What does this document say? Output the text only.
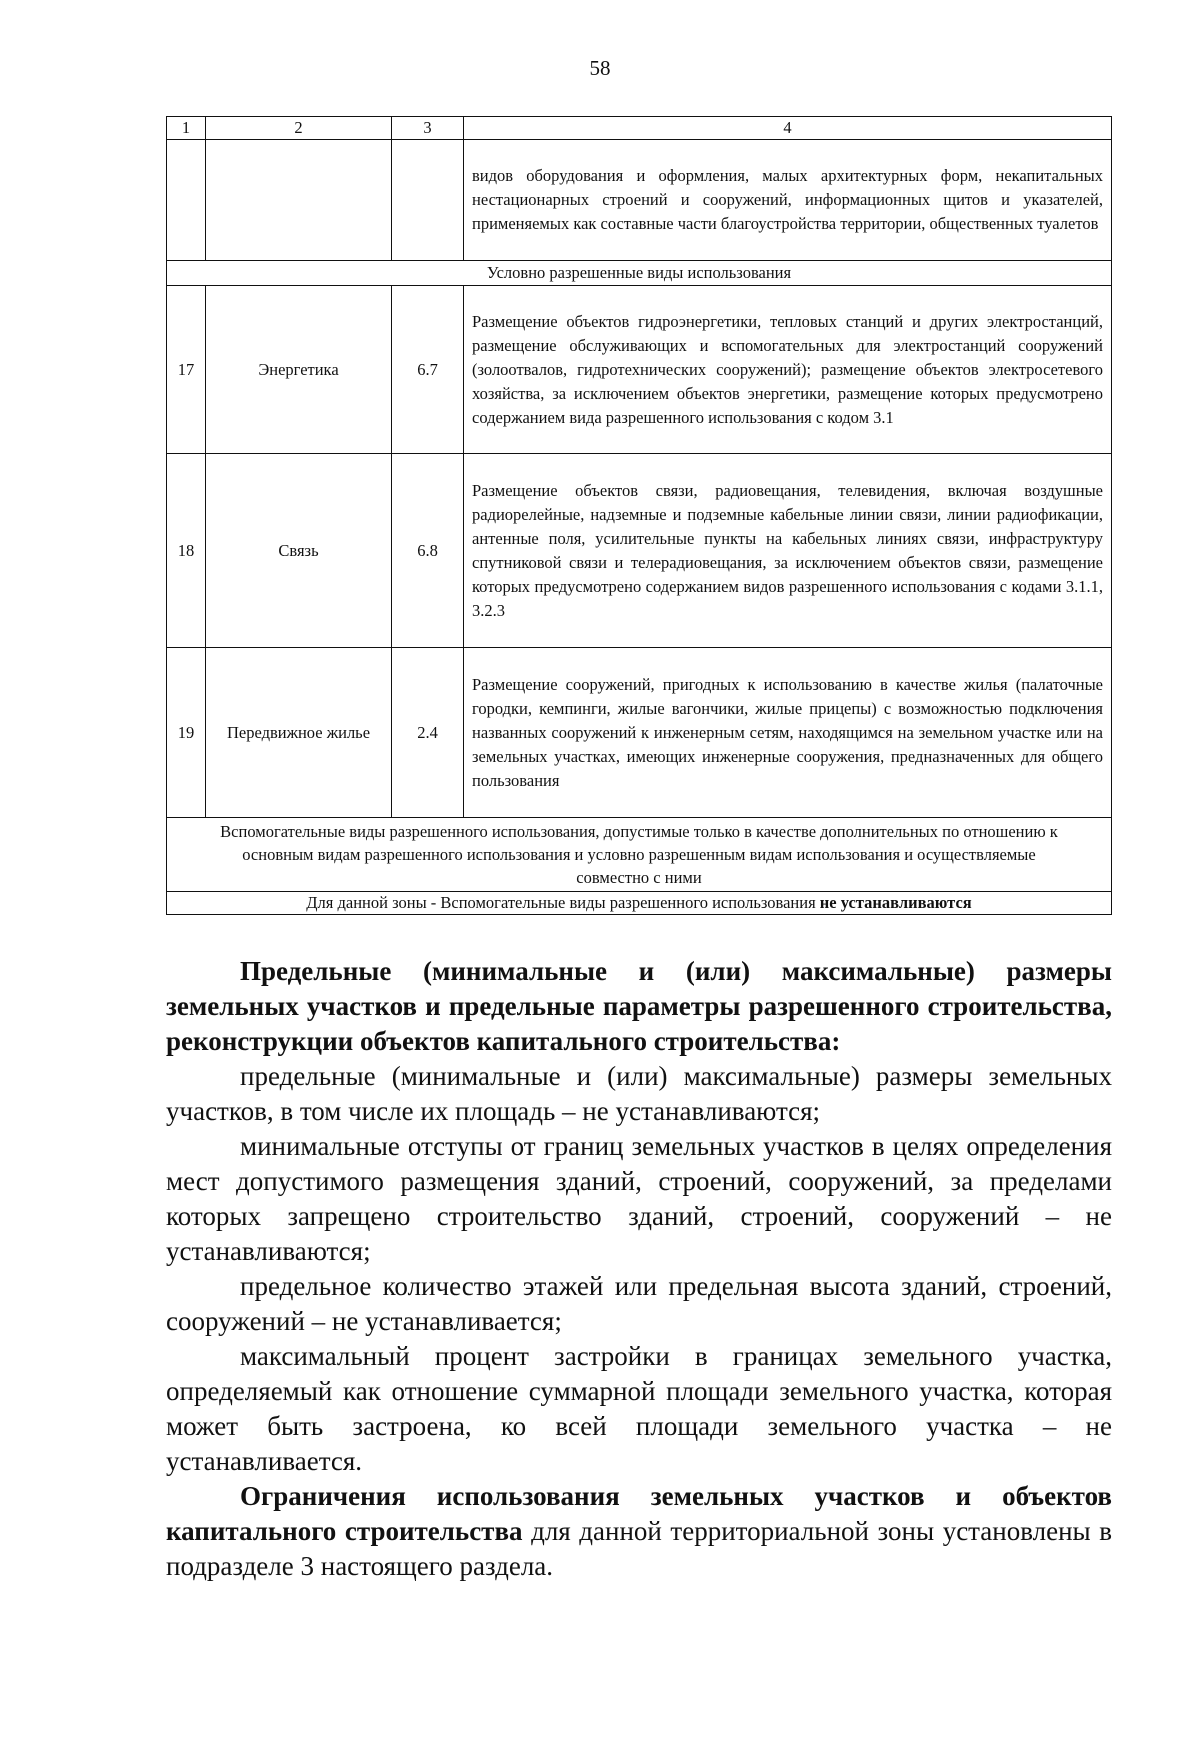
58
1	2	3	4
			видов оборудования и оформления, малых архитектурных форм, некапитальных нестационарных строений и сооружений, информационных щитов и указателей, применяемых как составные части благоустройства территории, общественных туалетов
Условно разрешенные виды использования			
17	Энергетика	6.7	Размещение объектов гидроэнергетики, тепловых станций и других электростанций, размещение обслуживающих и вспомогательных для электростанций сооружений (золоотвалов, гидротехнических сооружений); размещение объектов электросетевого хозяйства, за исключением объектов энергетики, размещение которых предусмотрено содержанием вида разрешенного использования с кодом 3.1
18	Связь	6.8	Размещение объектов связи, радиовещания, телевидения, включая воздушные радиорелейные, надземные и подземные кабельные линии связи, линии радиофикации, антенные поля, усилительные пункты на кабельных линиях связи, инфраструктуру спутниковой связи и телерадиовещания, за исключением объектов связи, размещение которых предусмотрено содержанием видов разрешенного использования с кодами 3.1.1, 3.2.3
19	Передвижное жилье	2.4	Размещение сооружений, пригодных к использованию в качестве жилья (палаточные городки, кемпинги, жилые вагончики, жилые прицепы) с возможностью подключения названных сооружений к инженерным сетям, находящимся на земельном участке или на земельных участках, имеющих инженерные сооружения, предназначенных для общего пользования
Вспомогательные виды разрешенного использования, допустимые только в качестве дополнительных по отношению к основным видам разрешенного использования и условно разрешенным видам использования и осуществляемые совместно с ними			
Для данной зоны - Вспомогательные виды разрешенного использования не устанавливаются			

Предельные (минимальные и (или) максимальные) размеры земельных участков и предельные параметры разрешенного строительства, реконструкции объектов капитального строительства:

предельные (минимальные и (или) максимальные) размеры земельных участков, в том числе их площадь – не устанавливаются;

минимальные отступы от границ земельных участков в целях определения мест допустимого размещения зданий, строений, сооружений, за пределами которых запрещено строительство зданий, строений, сооружений – не устанавливаются;

предельное количество этажей или предельная высота зданий, строений, сооружений – не устанавливается;

максимальный процент застройки в границах земельного участка, определяемый как отношение суммарной площади земельного участка, которая может быть застроена, ко всей площади земельного участка – не устанавливается.

Ограничения использования земельных участков и объектов капитального строительства для данной территориальной зоны установлены в подразделе 3 настоящего раздела.
